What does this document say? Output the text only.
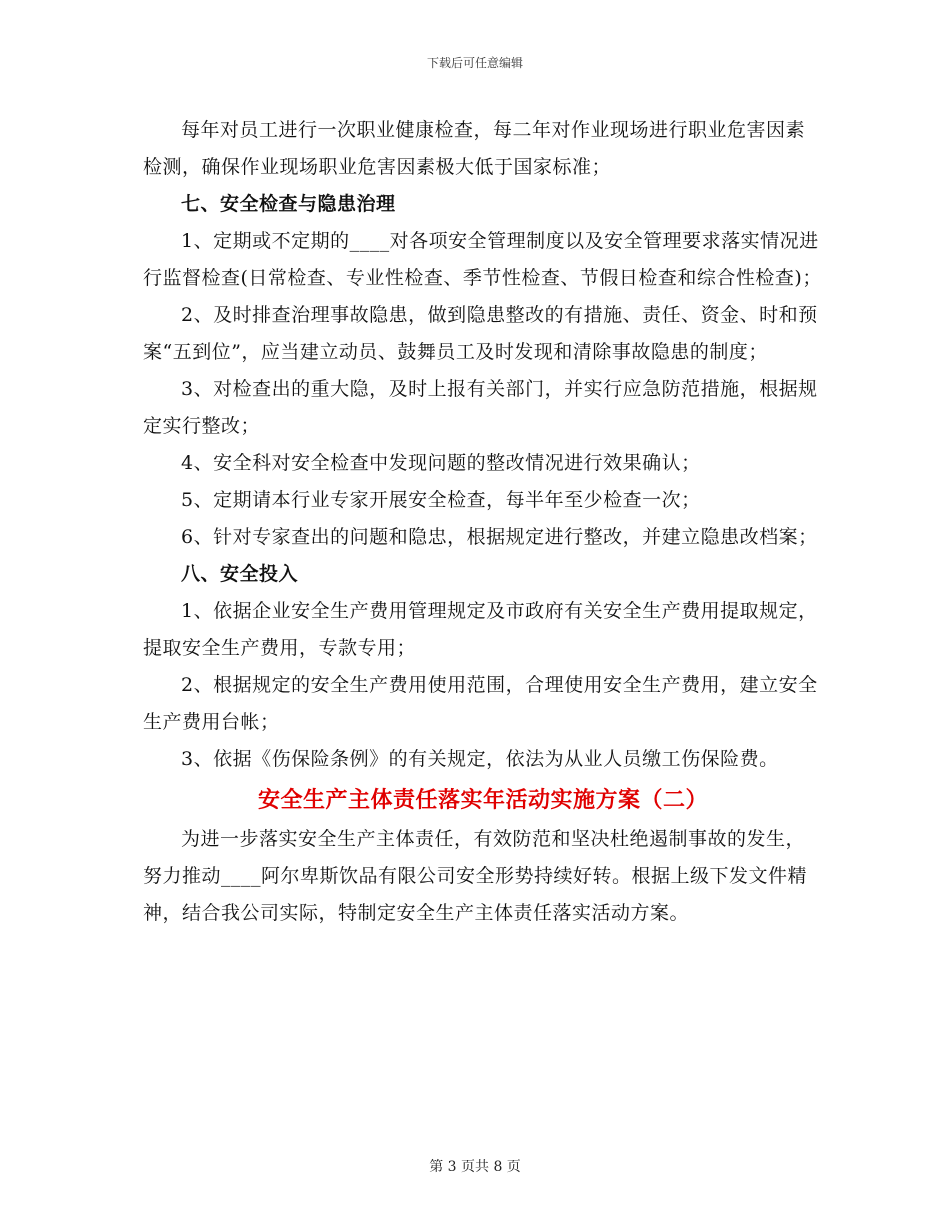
下载后可任意编辑

每年对员工进行一次职业健康检查，每二年对作业现场进行职业危害因素检测，确保作业现场职业危害因素极大低于国家标准；

七、安全检查与隐患治理

1、定期或不定期的____对各项安全管理制度以及安全管理要求落实情况进行监督检查(日常检查、专业性检查、季节性检查、节假日检查和综合性检查)；

2、及时排查治理事故隐患，做到隐患整改的有措施、责任、资金、时和预案“五到位”，应当建立动员、鼓舞员工及时发现和清除事故隐患的制度；

3、对检查出的重大隐，及时上报有关部门，并实行应急防范措施，根据规定实行整改；

4、安全科对安全检查中发现问题的整改情况进行效果确认；

5、定期请本行业专家开展安全检查，每半年至少检查一次；

6、针对专家查出的问题和隐忠，根据规定进行整改，并建立隐患改档案；

八、安全投入

1、依据企业安全生产费用管理规定及市政府有关安全生产费用提取规定，提取安全生产费用，专款专用；

2、根据规定的安全生产费用使用范围，合理使用安全生产费用，建立安全生产费用台帐；

3、依据《伤保险条例》的有关规定，依法为从业人员缴工伤保险费。

安全生产主体责任落实年活动实施方案（二）

为进一步落实安全生产主体责任，有效防范和坚决杜绝遏制事故的发生，努力推动____阿尔卑斯饮品有限公司安全形势持续好转。根据上级下发文件精神，结合我公司实际，特制定安全生产主体责任落实活动方案。

第 3 页共 8 页
